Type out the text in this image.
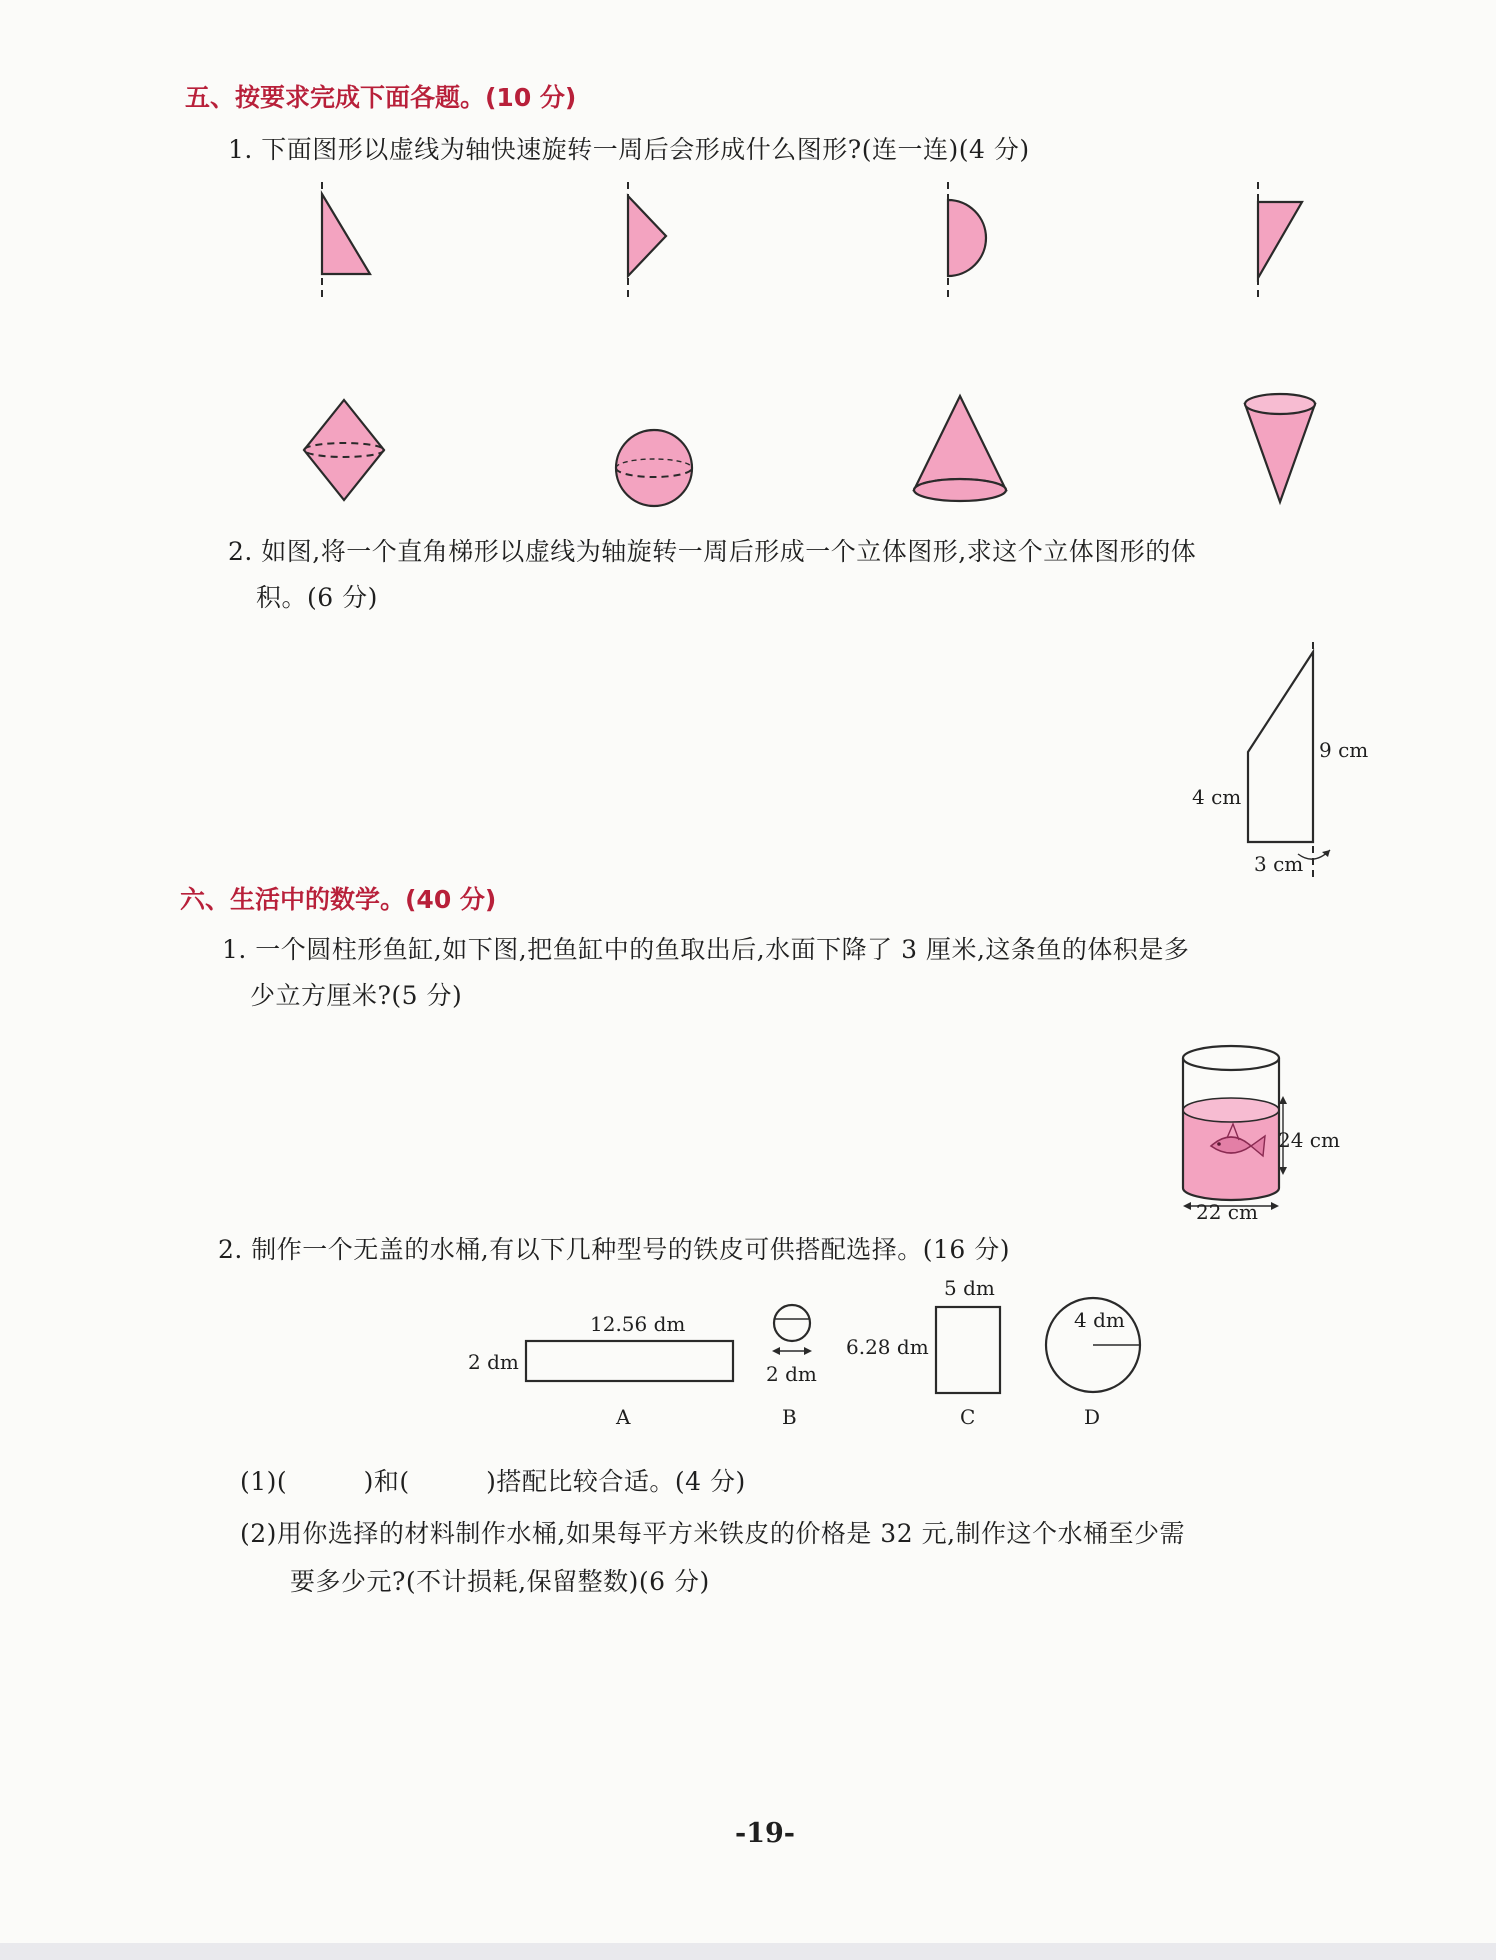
五、按要求完成下面各题。(10 分)
1. 下面图形以虚线为轴快速旋转一周后会形成什么图形?(连一连)(4 分)
2. 如图,将一个直角梯形以虚线为轴旋转一周后形成一个立体图形,求这个立体图形的体
积。(6 分)
9 cm
4 cm
3 cm
六、生活中的数学。(40 分)
1. 一个圆柱形鱼缸,如下图,把鱼缸中的鱼取出后,水面下降了 3 厘米,这条鱼的体积是多
少立方厘米?(5 分)
24 cm
22 cm
2. 制作一个无盖的水桶,有以下几种型号的铁皮可供搭配选择。(16 分)
12.56 dm
2 dm	2 dm
5 dm
6.28 dm
4 dm
A	B	C	D
(1)(　　　)和(　　　)搭配比较合适。(4 分)
(2)用你选择的材料制作水桶,如果每平方米铁皮的价格是 32 元,制作这个水桶至少需
要多少元?(不计损耗,保留整数)(6 分)
-19-
